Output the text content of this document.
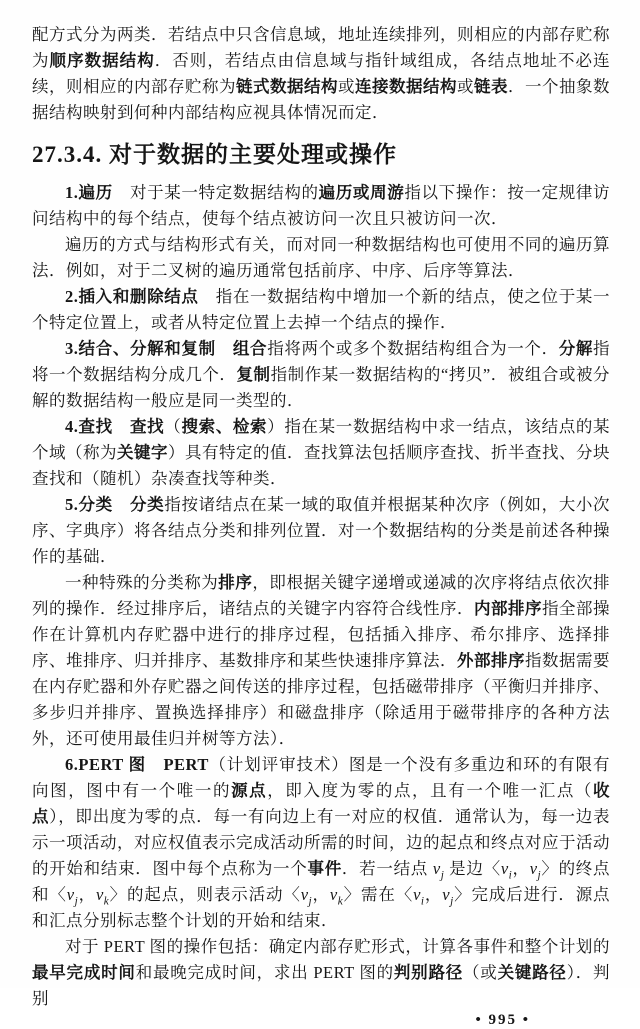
配方式分为两类．若结点中只含信息域，地址连续排列，则相应的内部存贮称为顺序数据结构．否则，若结点由信息域与指针域组成，各结点地址不必连续，则相应的内部存贮称为链式数据结构或连接数据结构或链表．一个抽象数据结构映射到何种内部结构应视具体情况而定．

27.3.4. 对于数据的主要处理或操作

1.遍历　对于某一特定数据结构的遍历或周游指以下操作：按一定规律访问结构中的每个结点，使每个结点被访问一次且只被访问一次．

遍历的方式与结构形式有关，而对同一种数据结构也可使用不同的遍历算法．例如，对于二叉树的遍历通常包括前序、中序、后序等算法．

2.插入和删除结点　指在一数据结构中增加一个新的结点，使之位于某一个特定位置上，或者从特定位置上去掉一个结点的操作．

3.结合、分解和复制　 组合指将两个或多个数据结构组合为一个．分解指将一个数据结构分成几个．复制指制作某一数据结构的“拷贝”．被组合或被分解的数据结构一般应是同一类型的．

4.查找　 查找（搜索、检索）指在某一数据结构中求一结点，该结点的某个域（称为关键字）具有特定的值．查找算法包括顺序查找、折半查找、分块查找和（随机）杂凑查找等种类．

5.分类　 分类指按诸结点在某一域的取值并根据某种次序（例如，大小次序、字典序）将各结点分类和排列位置．对一个数据结构的分类是前述各种操作的基础．

一种特殊的分类称为排序，即根据关键字递增或递减的次序将结点依次排列的操作．经过排序后，诸结点的关键字内容符合线性序．内部排序指全部操作在计算机内存贮器中进行的排序过程，包括插入排序、希尔排序、选择排序、堆排序、归并排序、基数排序和某些快速排序算法．外部排序指数据需要在内存贮器和外存贮器之间传送的排序过程，包括磁带排序（平衡归并排序、多步归并排序、置换选择排序）和磁盘排序（除适用于磁带排序的各种方法外，还可使用最佳归并树等方法）．

6.PERT 图　 PERT（计划评审技术）图是一个没有多重边和环的有限有向图，图中有一个唯一的源点，即入度为零的点，且有一个唯一汇点（收点），即出度为零的点．每一有向边上有一对应的权值．通常认为，每一边表示一项活动，对应权值表示完成活动所需的时间，边的起点和终点对应于活动的开始和结束．图中每个点称为一个事件．若一结点 $v_j$ 是边〈$v_i$，$v_j$〉的终点和〈$v_j$，$v_k$〉的起点，则表示活动〈$v_j$，$v_k$〉需在〈$v_i$，$v_j$〉完成后进行．源点和汇点分别标志整个计划的开始和结束．

对于 PERT 图的操作包括：确定内部存贮形式，计算各事件和整个计划的最早完成时间和最晚完成时间，求出 PERT 图的判别路径（或关键路径）．判别

• 995 •
